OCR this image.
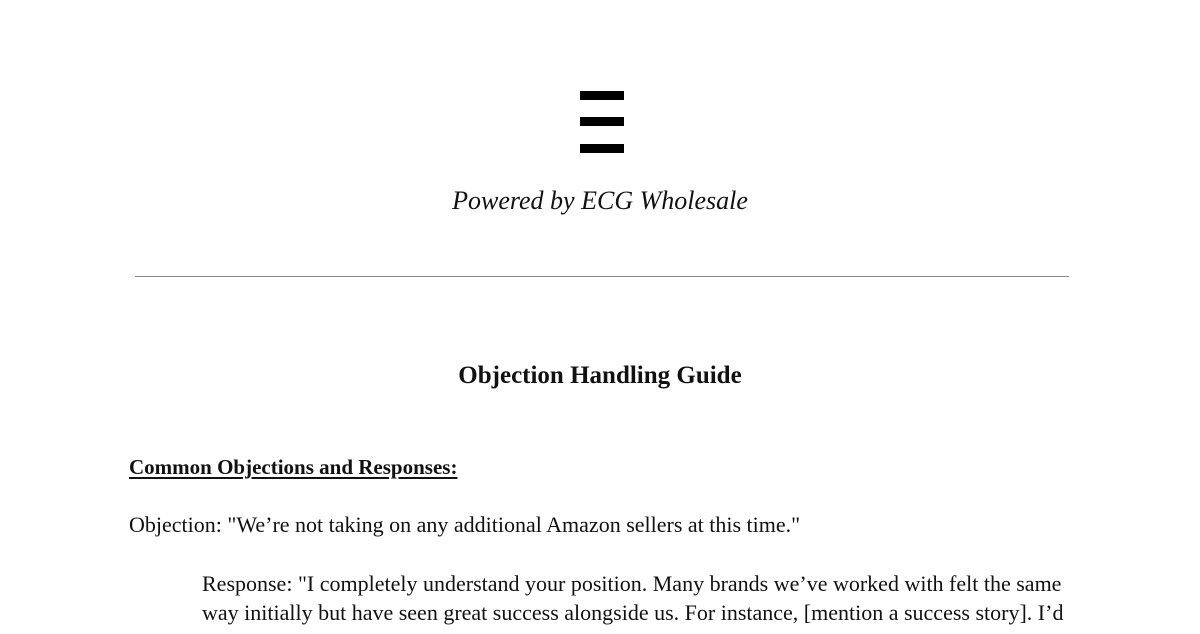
Powered by ECG Wholesale
Objection Handling Guide
Common Objections and Responses:
Objection: "We’re not taking on any additional Amazon sellers at this time."
Response: "I completely understand your position. Many brands we’ve worked with felt the same
way initially but have seen great success alongside us. For instance, [mention a success story]. I’d
